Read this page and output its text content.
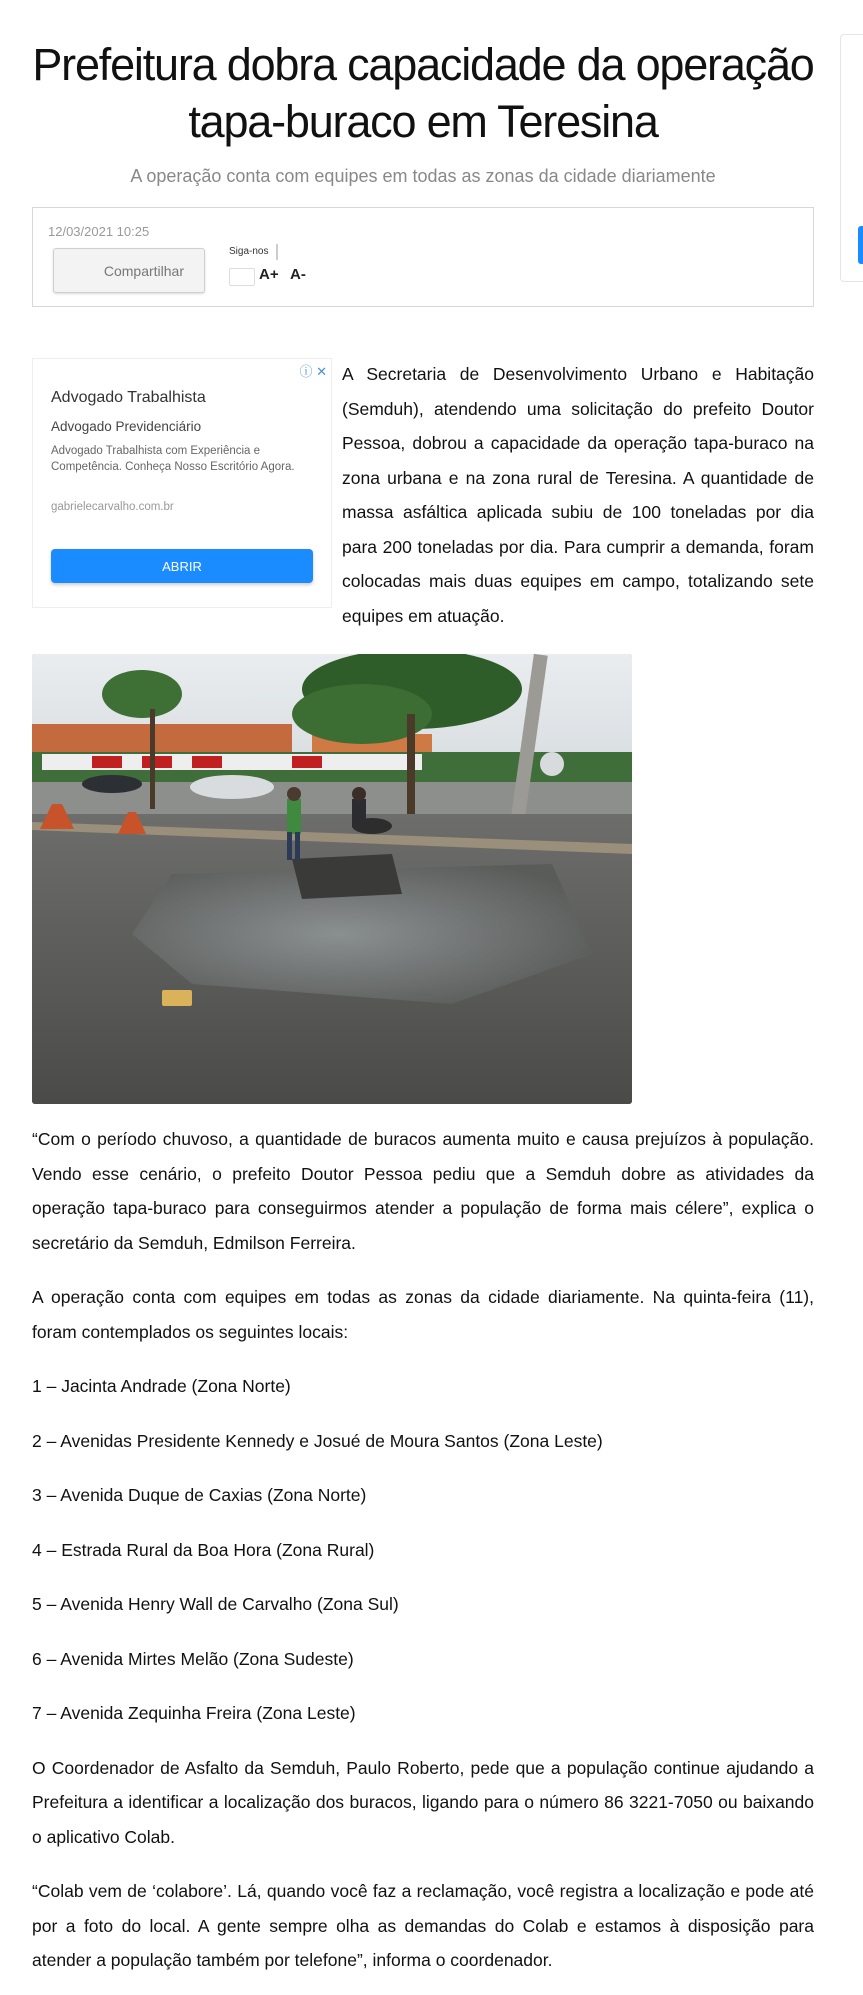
Prefeitura dobra capacidade da operação tapa-buraco em Teresina
A operação conta com equipes em todas as zonas da cidade diariamente
12/03/2021 10:25
Compartilhar
Siga-nos
A+ A-
ⓘ ✕
Advogado Trabalhista
Advogado Previdenciário
Advogado Trabalhista com Experiência e Competência. Conheça Nosso Escritório Agora.
gabrielecarvalho.com.br
ABRIR

A Secretaria de Desenvolvimento Urbano e Habitação (Semduh), atendendo uma solicitação do prefeito Doutor Pessoa, dobrou a capacidade da operação tapa-buraco na zona urbana e na zona rural de Teresina. A quantidade de massa asfáltica aplicada subiu de 100 toneladas por dia para 200 toneladas por dia. Para cumprir a demanda, foram colocadas mais duas equipes em campo, totalizando sete equipes em atuação.

“Com o período chuvoso, a quantidade de buracos aumenta muito e causa prejuízos à população. Vendo esse cenário, o prefeito Doutor Pessoa pediu que a Semduh dobre as atividades da operação tapa-buraco para conseguirmos atender a população de forma mais célere”, explica o secretário da Semduh, Edmilson Ferreira.

A operação conta com equipes em todas as zonas da cidade diariamente. Na quinta-feira (11), foram contemplados os seguintes locais:

1 – Jacinta Andrade (Zona Norte)

2 – Avenidas Presidente Kennedy e Josué de Moura Santos (Zona Leste)

3 – Avenida Duque de Caxias (Zona Norte)

4 – Estrada Rural da Boa Hora (Zona Rural)

5 – Avenida Henry Wall de Carvalho (Zona Sul)

6 – Avenida Mirtes Melão (Zona Sudeste)

7 – Avenida Zequinha Freira (Zona Leste)

O Coordenador de Asfalto da Semduh, Paulo Roberto, pede que a população continue ajudando a Prefeitura a identificar a localização dos buracos, ligando para o número 86 3221-7050 ou baixando o aplicativo Colab.

“Colab vem de ‘colabore’. Lá, quando você faz a reclamação, você registra a localização e pode até por a foto do local. A gente sempre olha as demandas do Colab e estamos à disposição para atender a população também por telefone”, informa o coordenador.
